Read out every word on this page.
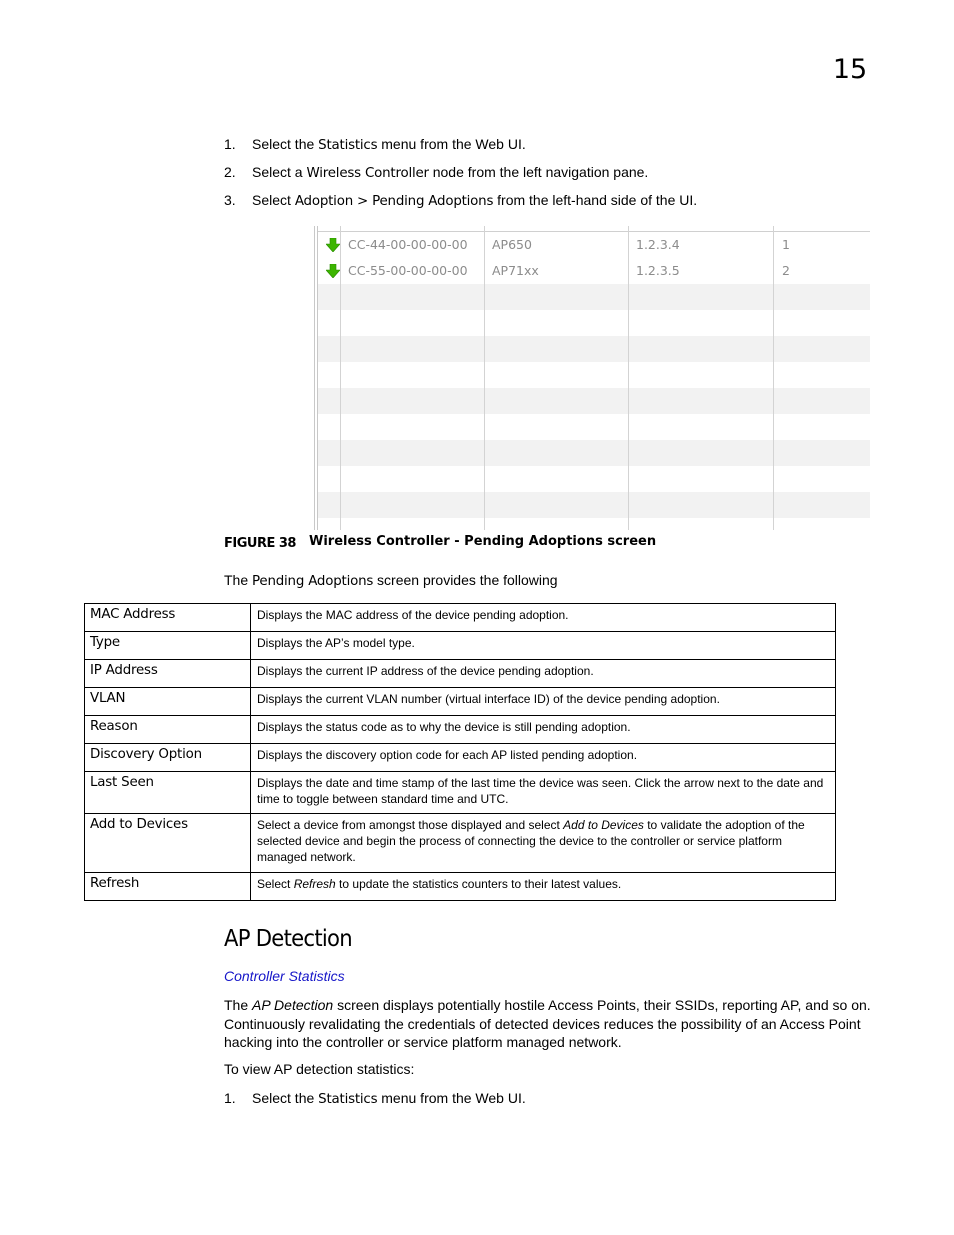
15
1. Select the Statistics menu from the Web UI.
2. Select a Wireless Controller node from the left navigation pane.
3. Select Adoption > Pending Adoptions from the left-hand side of the UI.
CC-44-00-00-00-00 AP650	1.2.3.4	1
CC-55-00-00-00-00 AP71xx	1.2.3.5	2
FIGURE 38 Wireless Controller - Pending Adoptions screen
The Pending Adoptions screen provides the following
MAC Address	Displays the MAC address of the device pending adoption.
Type	Displays the AP’s model type.
IP Address	Displays the current IP address of the device pending adoption.
VLAN	Displays the current VLAN number (virtual interface ID) of the device pending adoption.
Reason	Displays the status code as to why the device is still pending adoption.
Discovery Option	Displays the discovery option code for each AP listed pending adoption.
Last Seen	Displays the date and time stamp of the last time the device was seen. Click the arrow next to the date and time to toggle between standard time and UTC.
Add to Devices	Select a device from amongst those displayed and select Add to Devices to validate the adoption of the selected device and begin the process of connecting the device to the controller or service platform managed network.
Refresh	Select Refresh to update the statistics counters to their latest values.
AP Detection
Controller Statistics
The AP Detection screen displays potentially hostile Access Points, their SSIDs, reporting AP, and so on. Continuously revalidating the credentials of detected devices reduces the possibility of an Access Point hacking into the controller or service platform managed network.
To view AP detection statistics:
1. Select the Statistics menu from the Web UI.
